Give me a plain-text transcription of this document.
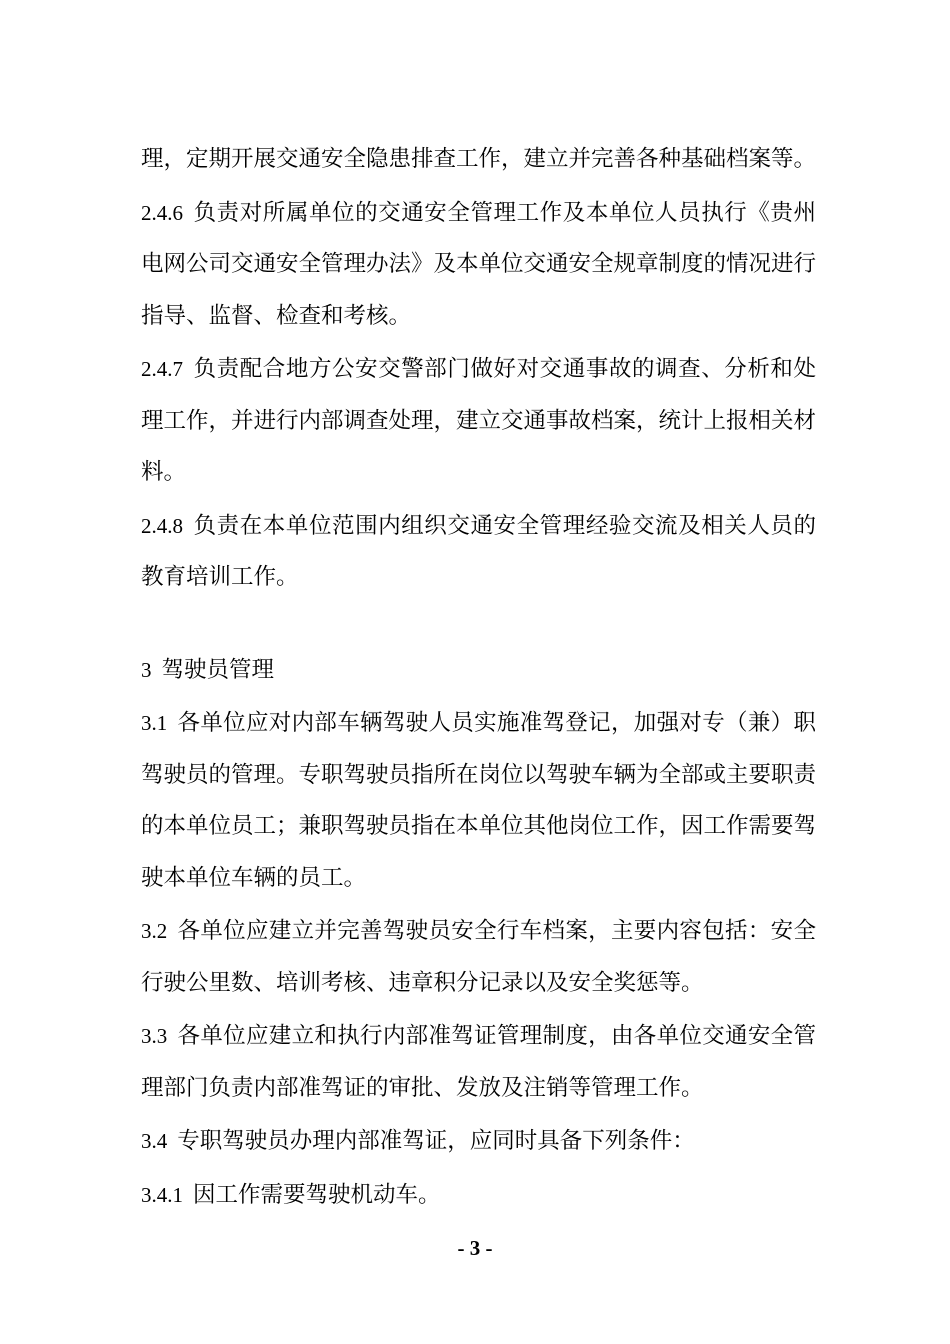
理，定期开展交通安全隐患排查工作，建立并完善各种基础档案等。

2.4.6 负责对所属单位的交通安全管理工作及本单位人员执行《贵州电网公司交通安全管理办法》及本单位交通安全规章制度的情况进行指导、监督、检查和考核。

2.4.7 负责配合地方公安交警部门做好对交通事故的调查、分析和处理工作，并进行内部调查处理，建立交通事故档案，统计上报相关材料。

2.4.8 负责在本单位范围内组织交通安全管理经验交流及相关人员的教育培训工作。

3 驾驶员管理

3.1 各单位应对内部车辆驾驶人员实施准驾登记，加强对专（兼）职驾驶员的管理。专职驾驶员指所在岗位以驾驶车辆为全部或主要职责的本单位员工；兼职驾驶员指在本单位其他岗位工作，因工作需要驾驶本单位车辆的员工。

3.2 各单位应建立并完善驾驶员安全行车档案，主要内容包括：安全行驶公里数、培训考核、违章积分记录以及安全奖惩等。

3.3 各单位应建立和执行内部准驾证管理制度，由各单位交通安全管理部门负责内部准驾证的审批、发放及注销等管理工作。

3.4 专职驾驶员办理内部准驾证，应同时具备下列条件：

3.4.1 因工作需要驾驶机动车。

- 3 -
